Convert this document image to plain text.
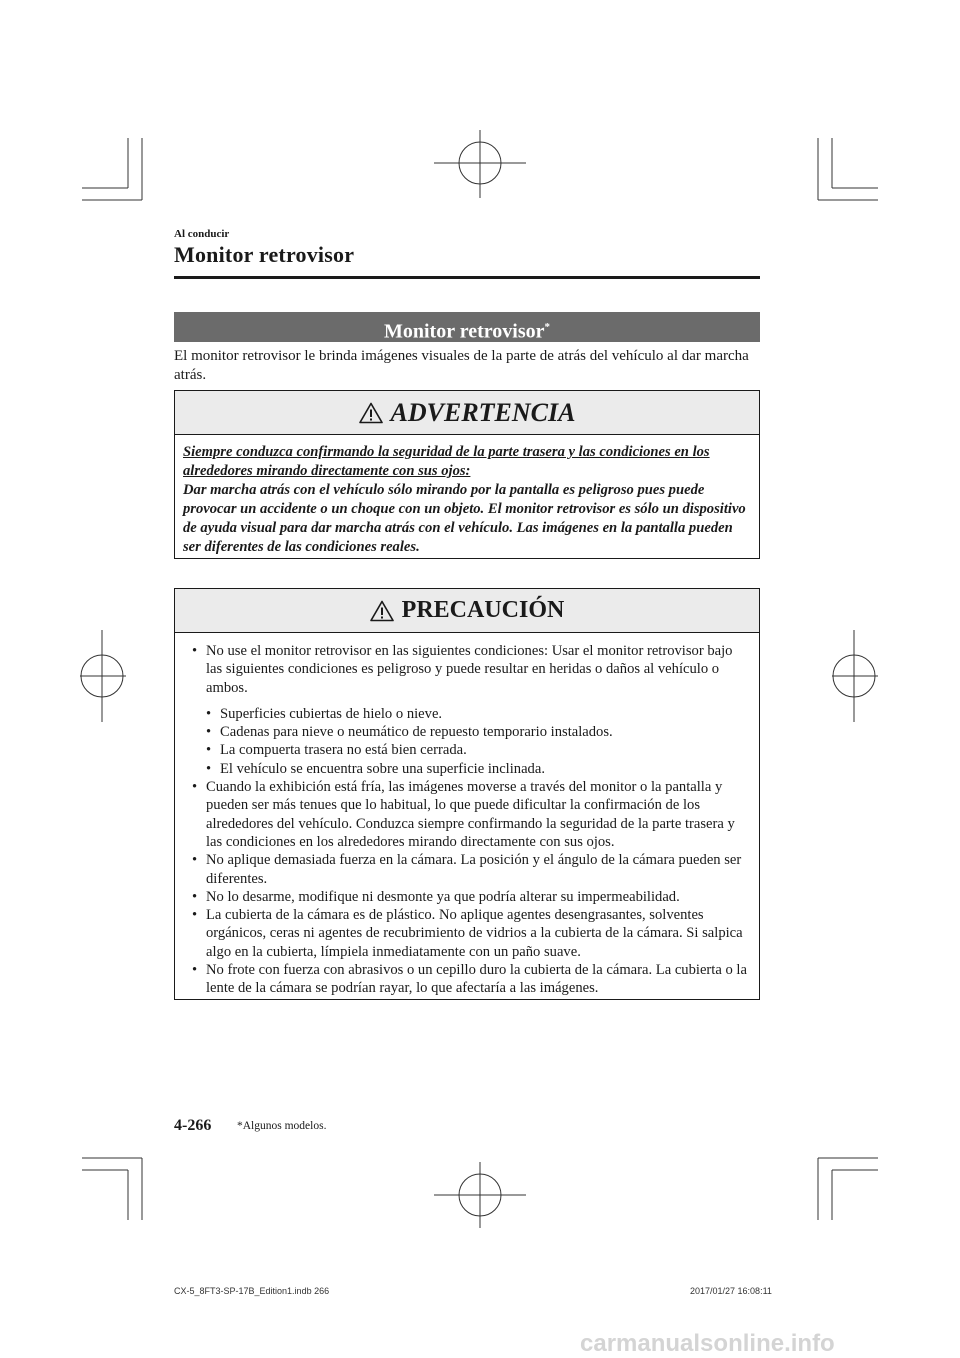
Al conducir
Monitor retrovisor
Monitor retrovisor*
El monitor retrovisor le brinda imágenes visuales de la parte de atrás del vehículo al dar marcha atrás.
ADVERTENCIA
Siempre conduzca confirmando la seguridad de la parte trasera y las condiciones en los alrededores mirando directamente con sus ojos:
Dar marcha atrás con el vehículo sólo mirando por la pantalla es peligroso pues puede provocar un accidente o un choque con un objeto. El monitor retrovisor es sólo un dispositivo de ayuda visual para dar marcha atrás con el vehículo. Las imágenes en la pantalla pueden ser diferentes de las condiciones reales.
PRECAUCIÓN
• No use el monitor retrovisor en las siguientes condiciones: Usar el monitor retrovisor bajo las siguientes condiciones es peligroso y puede resultar en heridas o daños al vehículo o ambos.
• Superficies cubiertas de hielo o nieve.
• Cadenas para nieve o neumático de repuesto temporario instalados.
• La compuerta trasera no está bien cerrada.
• El vehículo se encuentra sobre una superficie inclinada.
• Cuando la exhibición está fría, las imágenes moverse a través del monitor o la pantalla y pueden ser más tenues que lo habitual, lo que puede dificultar la confirmación de los alrededores del vehículo. Conduzca siempre confirmando la seguridad de la parte trasera y las condiciones en los alrededores mirando directamente con sus ojos.
• No aplique demasiada fuerza en la cámara. La posición y el ángulo de la cámara pueden ser diferentes.
• No lo desarme, modifique ni desmonte ya que podría alterar su impermeabilidad.
• La cubierta de la cámara es de plástico. No aplique agentes desengrasantes, solventes orgánicos, ceras ni agentes de recubrimiento de vidrios a la cubierta de la cámara. Si salpica algo en la cubierta, límpiela inmediatamente con un paño suave.
• No frote con fuerza con abrasivos o un cepillo duro la cubierta de la cámara. La cubierta o la lente de la cámara se podrían rayar, lo que afectaría a las imágenes.
4-266 *Algunos modelos.
CX-5_8FT3-SP-17B_Edition1.indb 266	2017/01/27 16:08:11
carmanualsonline.info
